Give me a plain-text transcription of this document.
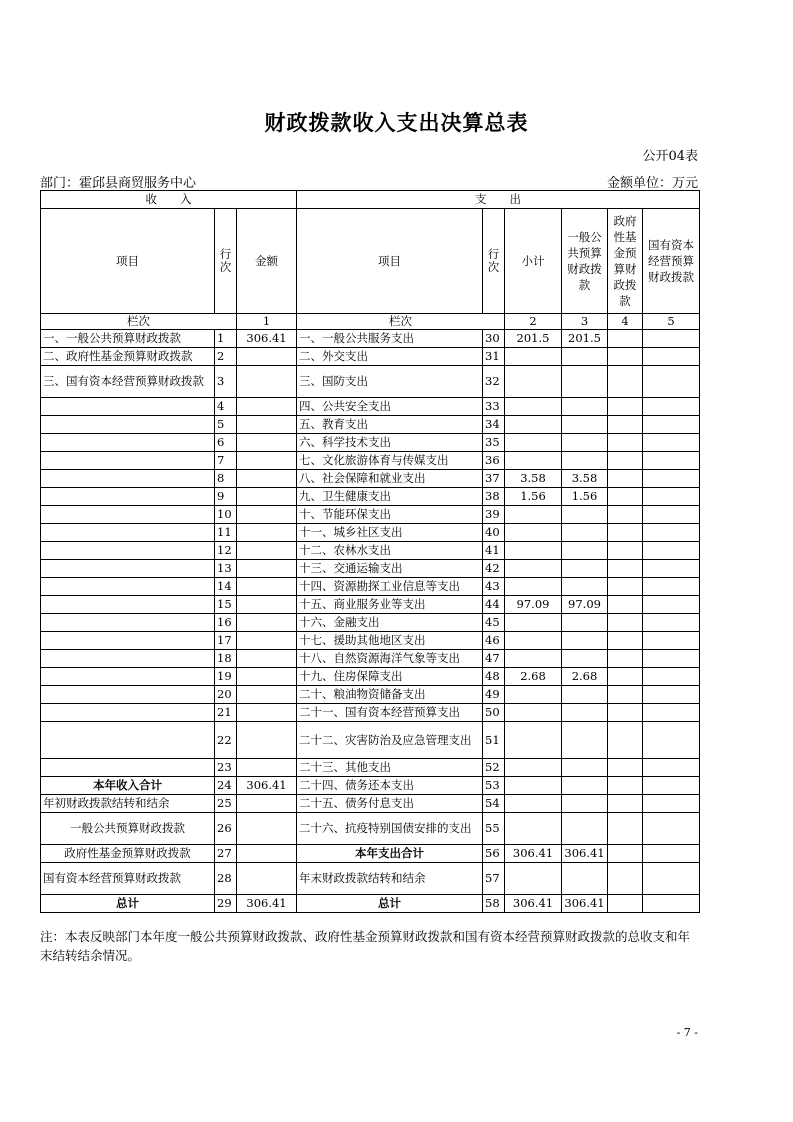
财政拨款收入支出决算总表
公开04表
部门：霍邱县商贸服务中心	金额单位：万元
收　　入			支　　出					
项目	行次	金额	项目	行次	小计	一般公共预算财政拨款	政府性基金预算财政拨款	国有资本经营预算财政拨款
栏次		1	栏次		2	3	4	5
一、一般公共预算财政拨款	1	306.41	一、一般公共服务支出	30	201.5	201.5		
二、政府性基金预算财政拨款	2		二、外交支出	31				
三、国有资本经营预算财政拨款	3		三、国防支出	32				
	4		四、公共安全支出	33				
	5		五、教育支出	34				
	6		六、科学技术支出	35				
	7		七、文化旅游体育与传媒支出	36				
	8		八、社会保障和就业支出	37	3.58	3.58		
	9		九、卫生健康支出	38	1.56	1.56		
	10		十、节能环保支出	39				
	11		十一、城乡社区支出	40				
	12		十二、农林水支出	41				
	13		十三、交通运输支出	42				
	14		十四、资源勘探工业信息等支出	43				
	15		十五、商业服务业等支出	44	97.09	97.09		
	16		十六、金融支出	45				
	17		十七、援助其他地区支出	46				
	18		十八、自然资源海洋气象等支出	47				
	19		十九、住房保障支出	48	2.68	2.68		
	20		二十、粮油物资储备支出	49				
	21		二十一、国有资本经营预算支出	50				
	22		二十二、灾害防治及应急管理支出	51				
	23		二十三、其他支出	52				
本年收入合计	24	306.41	二十四、债务还本支出	53				
年初财政拨款结转和结余	25		二十五、债务付息支出	54				
一般公共预算财政拨款	26		二十六、抗疫特别国债安排的支出	55				
政府性基金预算财政拨款	27		本年支出合计	56	306.41	306.41		
国有资本经营预算财政拨款	28		年末财政拨款结转和结余	57				
总计	29	306.41	总计	58	306.41	306.41		
注：本表反映部门本年度一般公共预算财政拨款、政府性基金预算财政拨款和国有资本经营预算财政拨款的总收支和年末结转结余情况。
- 7 -
